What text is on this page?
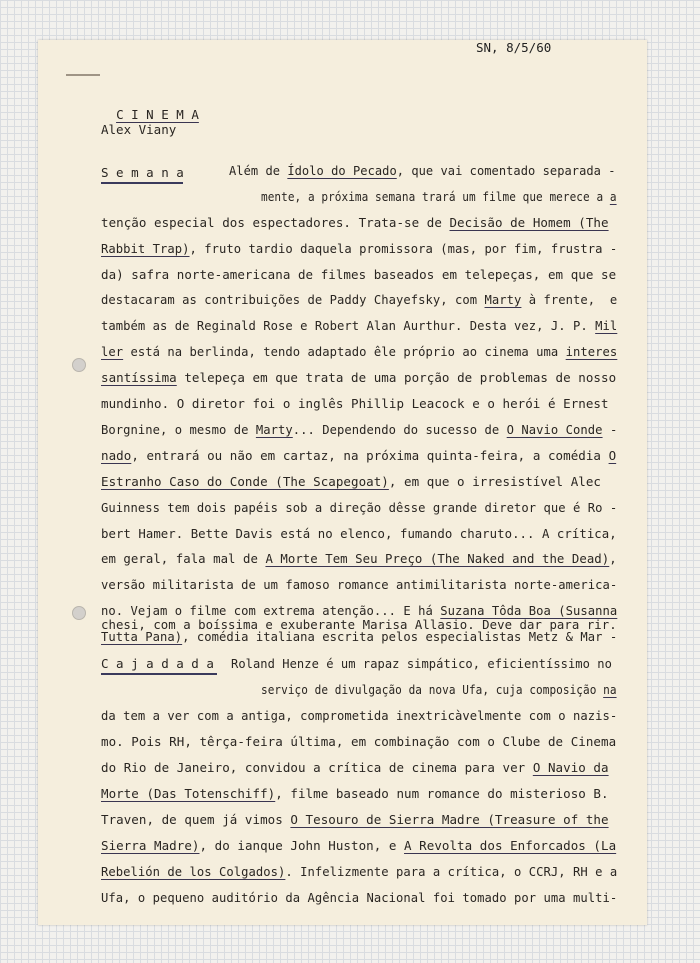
SN, 8/5/60

C I N E M A

Alex Viany
S e m a n a
C a j a d a d a
Além de Ídolo do Pecado, que vai comentado separada -
mente, a próxima semana trará um filme que merece a a
tenção especial dos espectadores. Trata-se de Decisão de Homem (The
Rabbit Trap), fruto tardio daquela promissora (mas, por fim, frustra -
da) safra norte-americana de filmes baseados em telepeças, em que se
destacaram as contribuições de Paddy Chayefsky, com Marty à frente,  e
também as de Reginald Rose e Robert Alan Aurthur. Desta vez, J. P. Mil
ler está na berlinda, tendo adaptado êle próprio ao cinema uma interes
santíssima telepeça em que trata de uma porção de problemas de nosso
mundinho. O diretor foi o inglês Phillip Leacock e o herói é Ernest
Borgnine, o mesmo de Marty... Dependendo do sucesso de O Navio Conde -
nado, entrará ou não em cartaz, na próxima quinta-feira, a comédia O
Estranho Caso do Conde (The Scapegoat), em que o irresistível Alec
Guinness tem dois papéis sob a direção dêsse grande diretor que é Ro -
bert Hamer. Bette Davis está no elenco, fumando charuto... A crítica,
em geral, fala mal de A Morte Tem Seu Preço (The Naked and the Dead),
versão militarista de um famoso romance antimilitarista norte-america-
no. Vejam o filme com extrema atenção... E há Suzana Tôda Boa (Susanna
Tutta Pana), comédia italiana escrita pelos especialistas Metz & Mar -
chesi, com a boíssima e exuberante Marisa Allasio. Deve dar para rir.
Roland Henze é um rapaz simpático, eficientíssimo no
serviço de divulgação da nova Ufa, cuja composição na
da tem a ver com a antiga, comprometida inextricàvelmente com o nazis-
mo. Pois RH, têrça-feira última, em combinação com o Clube de Cinema
do Rio de Janeiro, convidou a crítica de cinema para ver O Navio da
Morte (Das Totenschiff), filme baseado num romance do misterioso B.
Traven, de quem já vimos O Tesouro de Sierra Madre (Treasure of the
Sierra Madre), do ianque John Huston, e A Revolta dos Enforcados (La
Rebelión de los Colgados). Infelizmente para a crítica, o CCRJ, RH e a
Ufa, o pequeno auditório da Agência Nacional foi tomado por uma multi-
